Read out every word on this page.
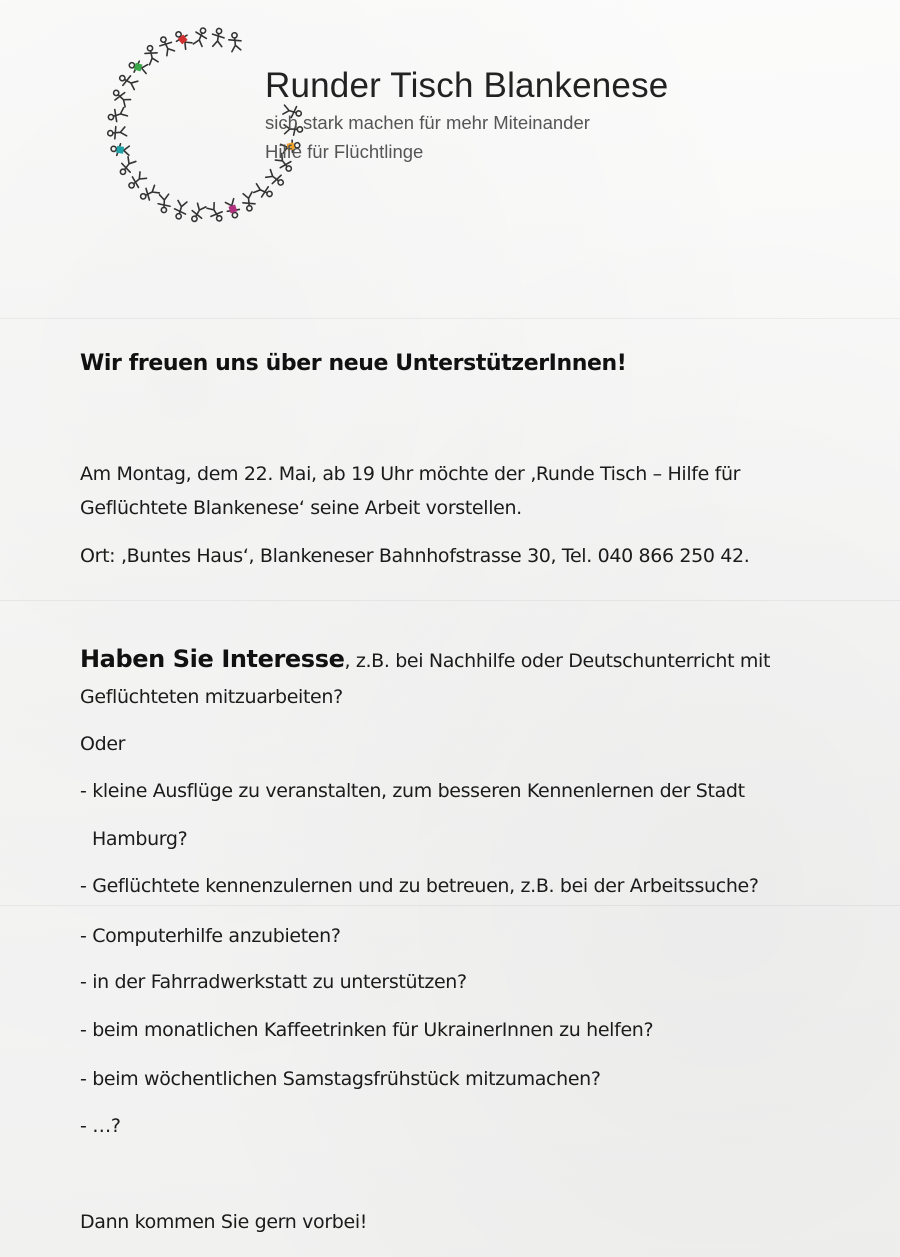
Runder Tisch Blankenese
sich stark machen für mehr Miteinander
Hilfe für Flüchtlinge
Wir freuen uns über neue UnterstützerInnen!
Am Montag, dem 22. Mai, ab 19 Uhr möchte der ‚Runde Tisch – Hilfe für
Geflüchtete Blankenese‘ seine Arbeit vorstellen.
Ort: ‚Buntes Haus‘, Blankeneser Bahnhofstrasse 30, Tel. 040 866 250 42.
Haben Sie Interesse, z.B. bei Nachhilfe oder Deutschunterricht mit
Geflüchteten mitzuarbeiten?
Oder
- kleine Ausflüge zu veranstalten, zum besseren Kennenlernen der Stadt
Hamburg?
- Geflüchtete kennenzulernen und zu betreuen, z.B. bei der Arbeitssuche?
- Computerhilfe anzubieten?
- in der Fahrradwerkstatt zu unterstützen?
- beim monatlichen Kaffeetrinken für UkrainerInnen zu helfen?
- beim wöchentlichen Samstagsfrühstück mitzumachen?
- …?
Dann kommen Sie gern vorbei!
